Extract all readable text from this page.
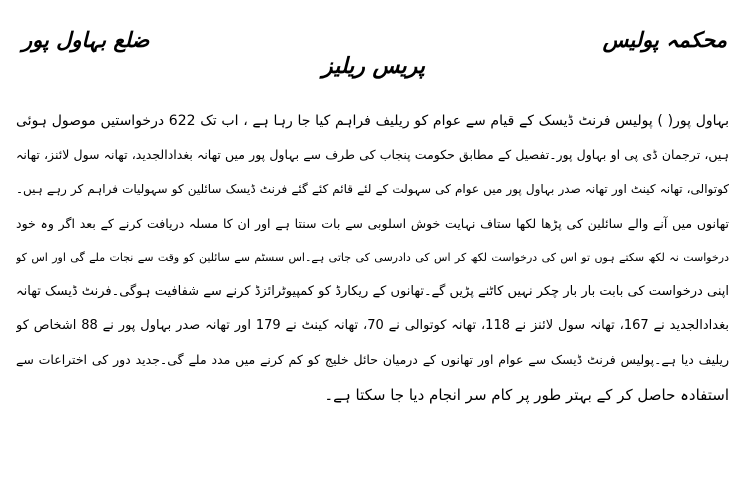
محکمہ پولیس
ضلع بہاول پور
پریس ریلیز
بہاول پور( ) پولیس فرنٹ ڈیسک کے قیام سے عوام کو ریلیف فراہم کیا جا رہا ہے ، اب تک 622 درخواستیں موصول ہوئی
ہیں، ترجمان ڈی پی او بہاول پور۔تفصیل کے مطابق حکومت پنجاب کی طرف سے بہاول پور میں تھانہ بغدادالجدید، تھانہ سول لائنز، تھانہ
کوتوالی، تھانہ کینٹ اور تھانہ صدر بہاول پور میں عوام کی سہولت کے لئے قائم کئے گئے فرنٹ ڈیسک سائلین کو سہولیات فراہم کر رہے ہیں۔
تھانوں میں آنے والے سائلین کی پڑھا لکھا ستاف نہایت خوش اسلوبی سے بات سنتا ہے اور ان کا مسلہ دریافت کرنے کے بعد اگر وہ خود
درخواست نہ لکھ سکتے ہوں تو اس کی درخواست لکھ کر اس کی دادرسی کی جاتی ہے۔اس سسٹم سے سائلین کو وقت سے نجات ملے گی اور اس کو
اپنی درخواست کی بابت بار بار چکر نہیں کاٹنے پڑیں گے۔تھانوں کے ریکارڈ کو کمپیوٹرائزڈ کرنے سے شفافیت ہوگی۔فرنٹ ڈیسک تھانہ
بغدادالجدید نے 167، تھانہ سول لائنز نے 118، تھانہ کوتوالی نے 70، تھانہ کینٹ نے 179 اور تھانہ صدر بہاول پور نے 88 اشخاص کو
ریلیف دیا ہے۔پولیس فرنٹ ڈیسک سے عوام اور تھانوں کے درمیان حائل خلیج کو کم کرنے میں مدد ملے گی۔جدید دور کی اختراعات سے
استفادہ حاصل کر کے بہتر طور پر کام سر انجام دیا جا سکتا ہے۔
